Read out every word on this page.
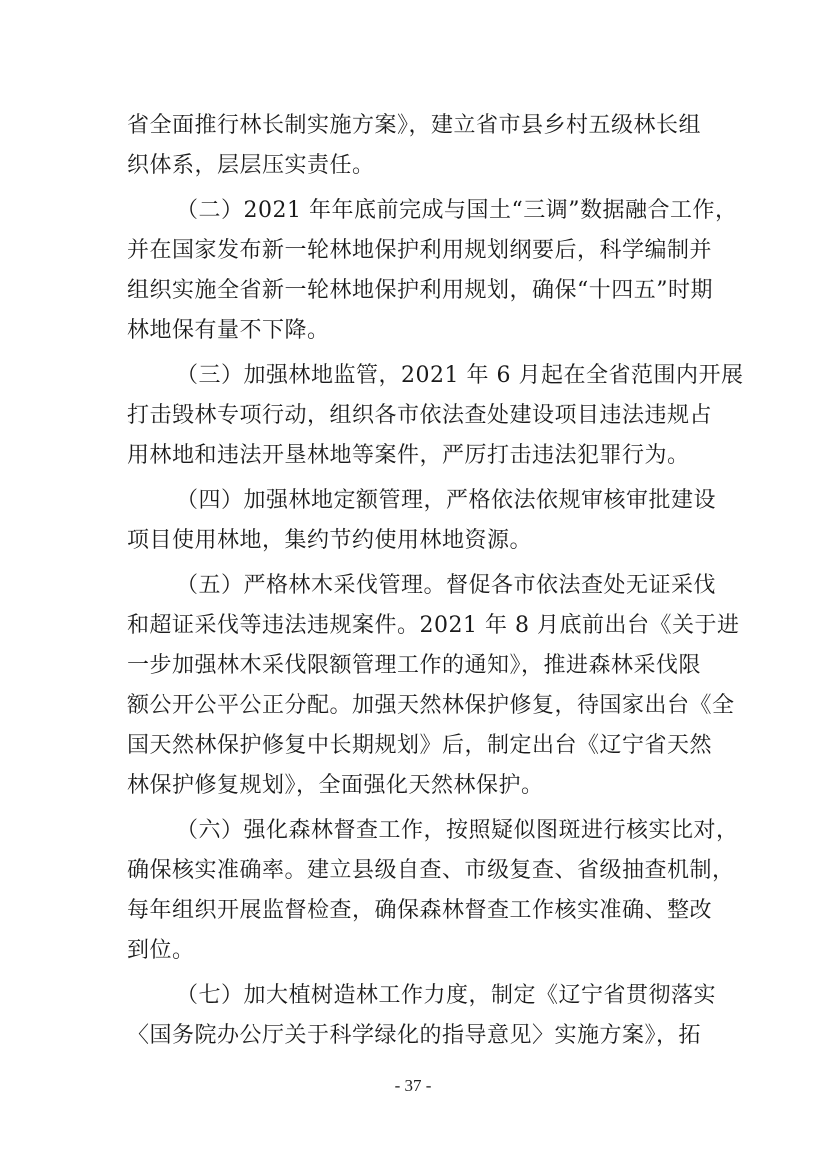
省全面推行林长制实施方案》，建立省市县乡村五级林长组
织体系，层层压实责任。
（二）2021 年年底前完成与国土“三调”数据融合工作，
并在国家发布新一轮林地保护利用规划纲要后，科学编制并
组织实施全省新一轮林地保护利用规划，确保“十四五”时期
林地保有量不下降。
（三）加强林地监管，2021 年 6 月起在全省范围内开展
打击毁林专项行动，组织各市依法查处建设项目违法违规占
用林地和违法开垦林地等案件，严厉打击违法犯罪行为。
（四）加强林地定额管理，严格依法依规审核审批建设
项目使用林地，集约节约使用林地资源。
（五）严格林木采伐管理。督促各市依法查处无证采伐
和超证采伐等违法违规案件。2021 年 8 月底前出台《关于进
一步加强林木采伐限额管理工作的通知》，推进森林采伐限
额公开公平公正分配。加强天然林保护修复，待国家出台《全
国天然林保护修复中长期规划》后，制定出台《辽宁省天然
林保护修复规划》，全面强化天然林保护。
（六）强化森林督查工作，按照疑似图斑进行核实比对，
确保核实准确率。建立县级自查、市级复查、省级抽查机制，
每年组织开展监督检查，确保森林督查工作核实准确、整改
到位。
（七）加大植树造林工作力度，制定《辽宁省贯彻落实
〈国务院办公厅关于科学绿化的指导意见〉实施方案》，拓
- 37 -
